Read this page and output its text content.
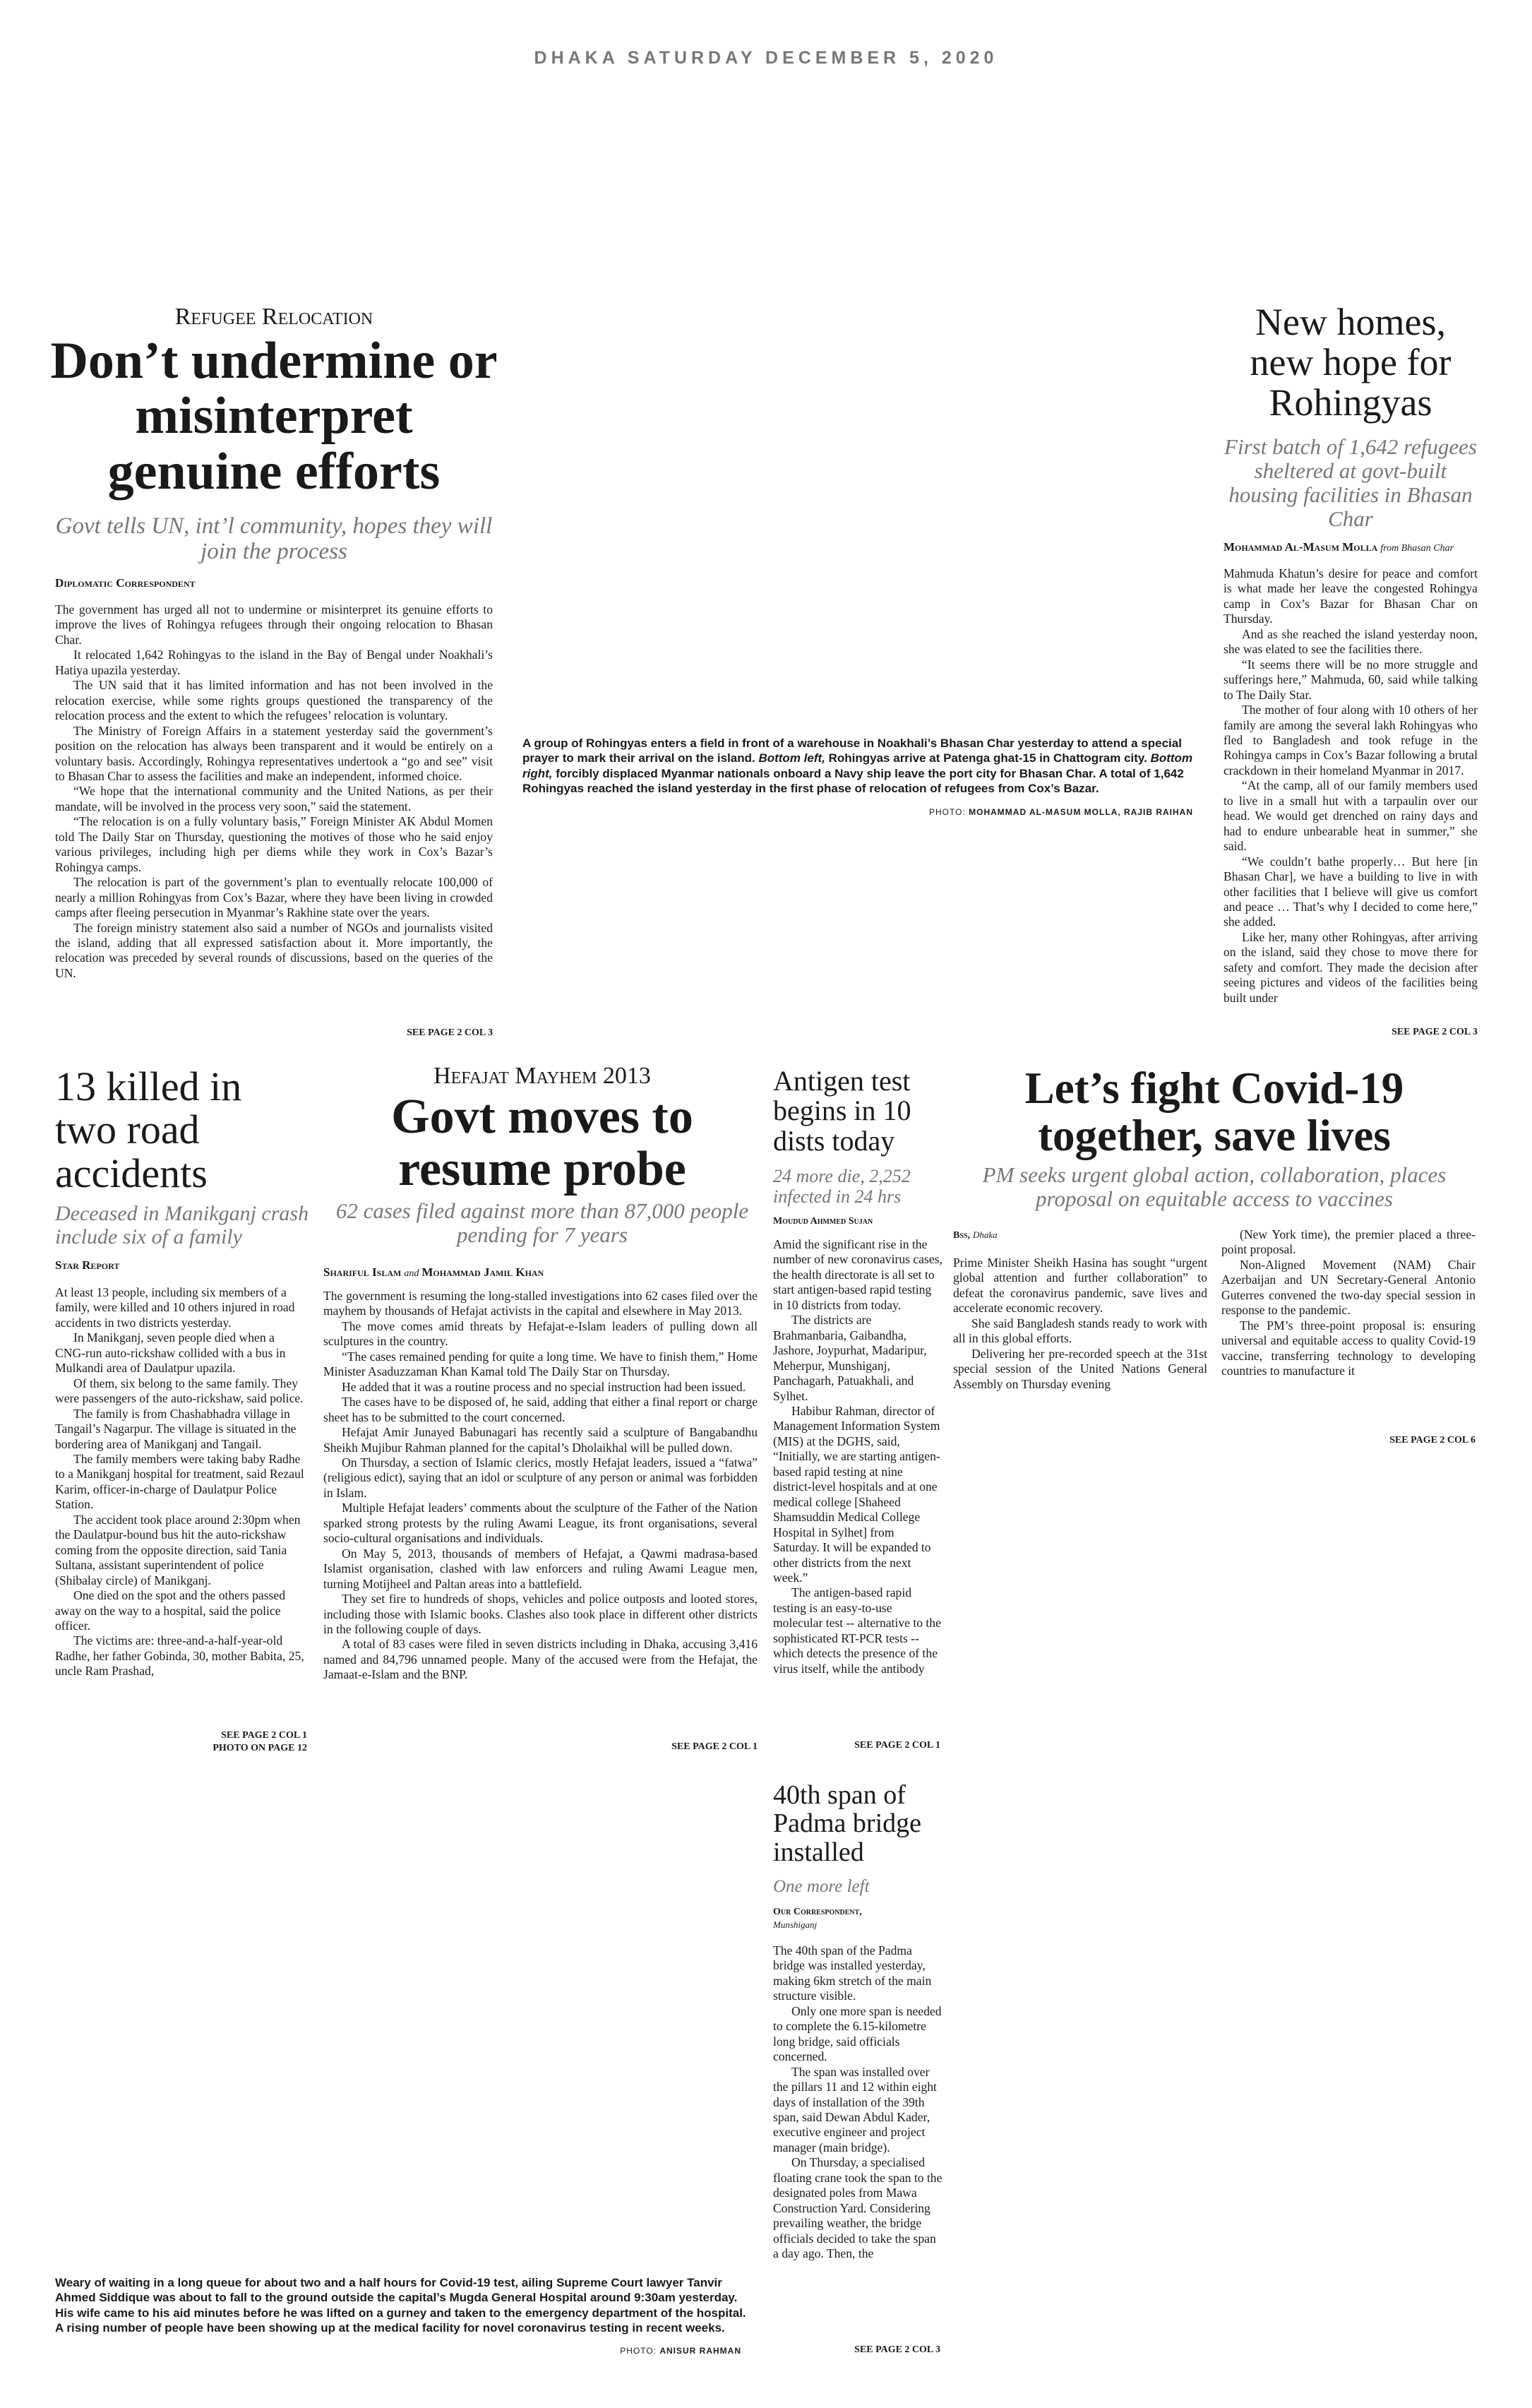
DHAKA SATURDAY DECEMBER 5, 2020
Refugee Relocation
Don’t undermine or misinterpret genuine efforts
Govt tells UN, int’l community, hopes they will join the process
Diplomatic Correspondent

The government has urged all not to undermine or misinterpret its genuine efforts to improve the lives of Rohingya refugees through their ongoing relocation to Bhasan Char.

It relocated 1,642 Rohingyas to the island in the Bay of Bengal under Noakhali’s Hatiya upazila yesterday.

The UN said that it has limited information and has not been involved in the relocation exercise, while some rights groups questioned the transparency of the relocation process and the extent to which the refugees’ relocation is voluntary.

The Ministry of Foreign Affairs in a statement yesterday said the government’s position on the relocation has always been transparent and it would be entirely on a voluntary basis. Accordingly, Rohingya representatives undertook a “go and see” visit to Bhasan Char to assess the facilities and make an independent, informed choice.

“We hope that the international community and the United Nations, as per their mandate, will be involved in the process very soon,” said the statement.

“The relocation is on a fully voluntary basis,” Foreign Minister AK Abdul Momen told The Daily Star on Thursday, questioning the motives of those who he said enjoy various privileges, including high per diems while they work in Cox’s Bazar’s Rohingya camps.

The relocation is part of the government’s plan to eventually relocate 100,000 of nearly a million Rohingyas from Cox’s Bazar, where they have been living in crowded camps after fleeing persecution in Myanmar’s Rakhine state over the years.

The foreign ministry statement also said a number of NGOs and journalists visited the island, adding that all expressed satisfaction about it. More importantly, the relocation was preceded by several rounds of discussions, based on the queries of the UN.

SEE PAGE 2 COL 3
A group of Rohingyas enters a field in front of a warehouse in Noakhali’s Bhasan Char yesterday to attend a special prayer to mark their arrival on the island. Bottom left, Rohingyas arrive at Patenga ghat-15 in Chattogram city. Bottom right, forcibly displaced Myanmar nationals onboard a Navy ship leave the port city for Bhasan Char. A total of 1,642 Rohingyas reached the island yesterday in the first phase of relocation of refugees from Cox’s Bazar.
PHOTO: MOHAMMAD AL-MASUM MOLLA, RAJIB RAIHAN
New homes, new hope for Rohingyas
First batch of 1,642 refugees sheltered at govt-built housing facilities in Bhasan Char
Mohammad Al-Masum Molla from Bhasan Char

Mahmuda Khatun’s desire for peace and comfort is what made her leave the congested Rohingya camp in Cox’s Bazar for Bhasan Char on Thursday.

And as she reached the island yesterday noon, she was elated to see the facilities there.

“It seems there will be no more struggle and sufferings here,” Mahmuda, 60, said while talking to The Daily Star.

The mother of four along with 10 others of her family are among the several lakh Rohingyas who fled to Bangladesh and took refuge in the Rohingya camps in Cox’s Bazar following a brutal crackdown in their homeland Myanmar in 2017.

“At the camp, all of our family members used to live in a small hut with a tarpaulin over our head. We would get drenched on rainy days and had to endure unbearable heat in summer,” she said.

“We couldn’t bathe properly… But here [in Bhasan Char], we have a building to live in with other facilities that I believe will give us comfort and peace … That’s why I decided to come here,” she added.

Like her, many other Rohingyas, after arriving on the island, said they chose to move there for safety and comfort. They made the decision after seeing pictures and videos of the facilities being built under

SEE PAGE 2 COL 3
13 killed in two road accidents
Deceased in Manikganj crash include six of a family
Star Report

At least 13 people, including six members of a family, were killed and 10 others injured in road accidents in two districts yesterday.

In Manikganj, seven people died when a CNG-run auto-rickshaw collided with a bus in Mulkandi area of Daulatpur upazila.

Of them, six belong to the same family. They were passengers of the auto-rickshaw, said police.

The family is from Chashabhadra village in Tangail’s Nagarpur. The village is situated in the bordering area of Manikganj and Tangail.

The family members were taking baby Radhe to a Manikganj hospital for treatment, said Rezaul Karim, officer-in-charge of Daulatpur Police Station.

The accident took place around 2:30pm when the Daulatpur-bound bus hit the auto-rickshaw coming from the opposite direction, said Tania Sultana, assistant superintendent of police (Shibalay circle) of Manikganj.

One died on the spot and the others passed away on the way to a hospital, said the police officer.

The victims are: three-and-a-half-year-old Radhe, her father Gobinda, 30, mother Babita, 25, uncle Ram Prashad,

SEE PAGE 2 COL 1
PHOTO ON PAGE 12
Hefajat Mayhem 2013
Govt moves to resume probe
62 cases filed against more than 87,000 people pending for 7 years
Shariful Islam and Mohammad Jamil Khan

The government is resuming the long-stalled investigations into 62 cases filed over the mayhem by thousands of Hefajat activists in the capital and elsewhere in May 2013.

The move comes amid threats by Hefajat-e-Islam leaders of pulling down all sculptures in the country.

“The cases remained pending for quite a long time. We have to finish them,” Home Minister Asaduzzaman Khan Kamal told The Daily Star on Thursday.

He added that it was a routine process and no special instruction had been issued.

The cases have to be disposed of, he said, adding that either a final report or charge sheet has to be submitted to the court concerned.

Hefajat Amir Junayed Babunagari has recently said a sculpture of Bangabandhu Sheikh Mujibur Rahman planned for the capital’s Dholaikhal will be pulled down.

On Thursday, a section of Islamic clerics, mostly Hefajat leaders, issued a “fatwa” (religious edict), saying that an idol or sculpture of any person or animal was forbidden in Islam.

Multiple Hefajat leaders’ comments about the sculpture of the Father of the Nation sparked strong protests by the ruling Awami League, its front organisations, several socio-cultural organisations and individuals.

On May 5, 2013, thousands of members of Hefajat, a Qawmi madrasa-based Islamist organisation, clashed with law enforcers and ruling Awami League men, turning Motijheel and Paltan areas into a battlefield.

They set fire to hundreds of shops, vehicles and police outposts and looted stores, including those with Islamic books. Clashes also took place in different other districts in the following couple of days.

A total of 83 cases were filed in seven districts including in Dhaka, accusing 3,416 named and 84,796 unnamed people. Many of the accused were from the Hefajat, the Jamaat-e-Islam and the BNP.

SEE PAGE 2 COL 1
Antigen test begins in 10 dists today
24 more die, 2,252 infected in 24 hrs
Moudud Ahmmed Sujan

Amid the significant rise in the number of new coronavirus cases, the health directorate is all set to start antigen-based rapid testing in 10 districts from today.

The districts are Brahmanbaria, Gaibandha, Jashore, Joypurhat, Madaripur, Meherpur, Munshiganj, Panchagarh, Patuakhali, and Sylhet.

Habibur Rahman, director of Management Information System (MIS) at the DGHS, said, “Initially, we are starting antigen-based rapid testing at nine district-level hospitals and at one medical college [Shaheed Shamsuddin Medical College Hospital in Sylhet] from Saturday. It will be expanded to other districts from the next week.”

The antigen-based rapid testing is an easy-to-use molecular test -- alternative to the sophisticated RT-PCR tests -- which detects the presence of the virus itself, while the antibody

SEE PAGE 2 COL 1
Let’s fight Covid-19 together, save lives
PM seeks urgent global action, collaboration, places proposal on equitable access to vaccines
Bss, Dhaka

Prime Minister Sheikh Hasina has sought “urgent global attention and further collaboration” to defeat the coronavirus pandemic, save lives and accelerate economic recovery.

She said Bangladesh stands ready to work with all in this global efforts.

Delivering her pre-recorded speech at the 31st special session of the United Nations General Assembly on Thursday evening

(New York time), the premier placed a three-point proposal.

Non-Aligned Movement (NAM) Chair Azerbaijan and UN Secretary-General Antonio Guterres convened the two-day special session in response to the pandemic.

The PM’s three-point proposal is: ensuring universal and equitable access to quality Covid-19 vaccine, transferring technology to developing countries to manufacture it

SEE PAGE 2 COL 6
40th span of Padma bridge installed
One more left
Our Correspondent,
Munshiganj

The 40th span of the Padma bridge was installed yesterday, making 6km stretch of the main structure visible.

Only one more span is needed to complete the 6.15-kilometre long bridge, said officials concerned.

The span was installed over the pillars 11 and 12 within eight days of installation of the 39th span, said Dewan Abdul Kader, executive engineer and project manager (main bridge).

On Thursday, a specialised floating crane took the span to the designated poles from Mawa Construction Yard. Considering prevailing weather, the bridge officials decided to take the span a day ago. Then, the

SEE PAGE 2 COL 3
Weary of waiting in a long queue for about two and a half hours for Covid-19 test, ailing Supreme Court lawyer Tanvir Ahmed Siddique was about to fall to the ground outside the capital’s Mugda General Hospital around 9:30am yesterday. His wife came to his aid minutes before he was lifted on a gurney and taken to the emergency department of the hospital. A rising number of people have been showing up at the medical facility for novel coronavirus testing in recent weeks.
PHOTO: ANISUR RAHMAN
